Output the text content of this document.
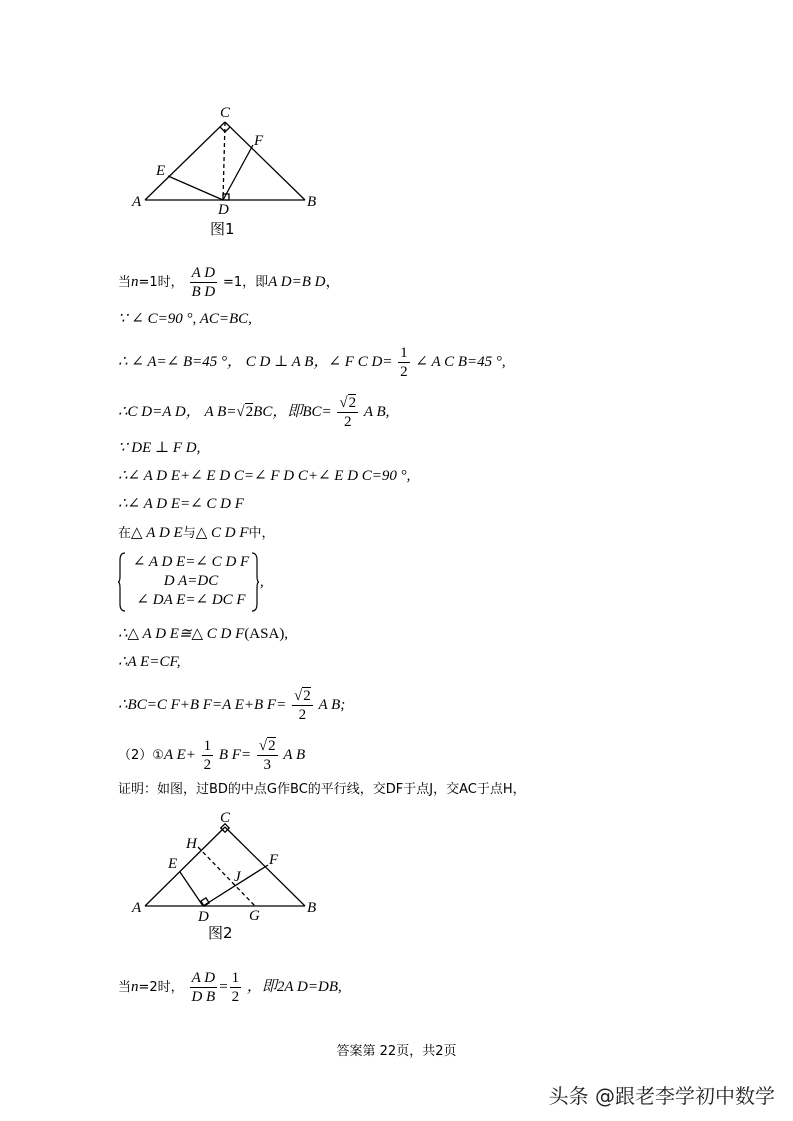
A	B
C
D
E
F
图1
当n=1时， $\frac{\text{A D}}{\text{B D}} =1$，即A D=B D，
∵ ∠ C=90 °, AC=BC,
∴ ∠ A=∠ B=45 °， C D ⊥ A B，∠ F C $D= \frac{1}{2}$ ∠ A C B=45 °,
∴C D=A D， A B=√2BC，即$BC= \frac{√2}{2}$ A B,
∵ DE ⊥ F D,
∴∠ A D E+∠ E D C=∠ F D C+∠ E D C=90 °,
∴∠ A D E=∠ C D F
在△ A D E与△ C D F中，
∠ A D E=∠ C D F
D A=DC
∠ DA E=∠ DC F
,
∴△ A D E≅△ C D F(ASA),
∴A E=CF,
∴BC=C F+B F=A E+B $F= \frac{√2}{2}$ A B;
（2）①A $E+ \frac{1}{2}$ B $F= \frac{√2}{3}$ A B
证明：如图，过BD的中点G作BC的平行线，交DF于点J，交AC于点H，
A	B
C
D
E	F
G
H
J
图2
当n=2时， $\frac{\text{A D}}{\text{D B}} = \frac{1}{2}$ ，即2A D=DB,
答案第 22页，共2页
头条 @跟老李学初中数学
